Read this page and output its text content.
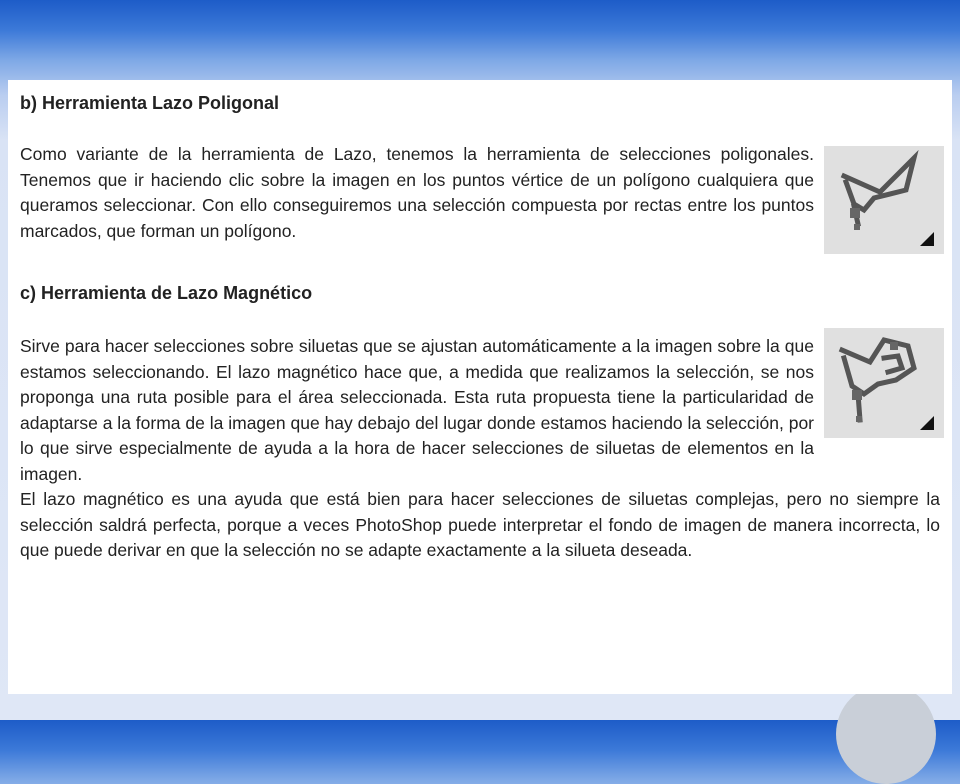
b) Herramienta Lazo Poligonal

Como variante de la herramienta de Lazo, tenemos la herramienta de selecciones poligonales. Tenemos que ir haciendo clic sobre la imagen en los puntos vértice de un polígono cualquiera que queramos seleccionar. Con ello conseguiremos una selección compuesta por rectas entre los puntos marcados, que forman un polígono.

c) Herramienta de Lazo Magnético

Sirve para hacer selecciones sobre siluetas que se ajustan automáticamente a la imagen sobre la que estamos seleccionando. El lazo magnético hace que, a medida que realizamos la selección, se nos proponga una ruta posible para el área seleccionada. Esta ruta propuesta tiene la particularidad de adaptarse a la forma de la imagen que hay debajo del lugar donde estamos haciendo la selección, por lo que sirve especialmente de ayuda a la hora de hacer selecciones de siluetas de elementos en la imagen.

El lazo magnético es una ayuda que está bien para hacer selecciones de siluetas complejas, pero no siempre la selección saldrá perfecta, porque a veces PhotoShop puede interpretar el fondo de imagen de manera incorrecta, lo que puede derivar en que la selección no se adapte exactamente a la silueta deseada.
